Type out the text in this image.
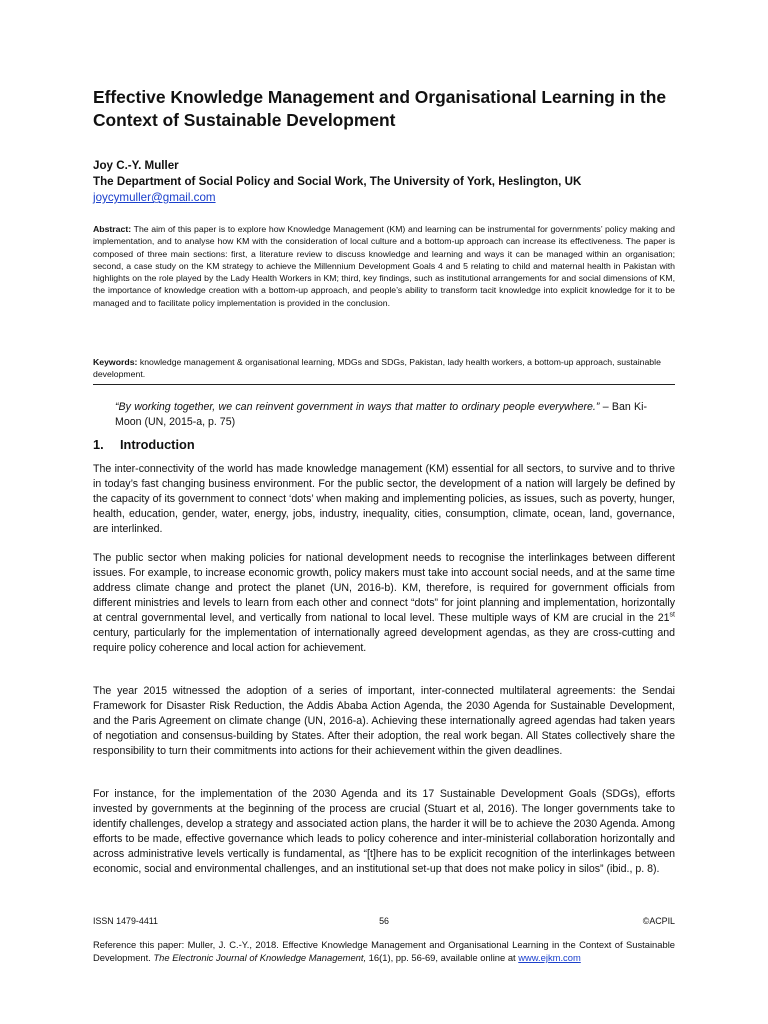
Effective Knowledge Management and Organisational Learning in the Context of Sustainable Development
Joy C.-Y. Muller
The Department of Social Policy and Social Work, The University of York, Heslington, UK
joycymuller@gmail.com

Abstract: The aim of this paper is to explore how Knowledge Management (KM) and learning can be instrumental for governments’ policy making and implementation, and to analyse how KM with the consideration of local culture and a bottom-up approach can increase its effectiveness. The paper is composed of three main sections: first, a literature review to discuss knowledge and learning and ways it can be managed within an organisation; second, a case study on the KM strategy to achieve the Millennium Development Goals 4 and 5 relating to child and maternal health in Pakistan with highlights on the role played by the Lady Health Workers in KM; third, key findings, such as institutional arrangements for and social dimensions of KM, the importance of knowledge creation with a bottom-up approach, and people’s ability to transform tacit knowledge into explicit knowledge for it to be managed and to facilitate policy implementation is provided in the conclusion.

Keywords: knowledge management & organisational learning, MDGs and SDGs, Pakistan, lady health workers, a bottom-up approach, sustainable development.

“By working together, we can reinvent government in ways that matter to ordinary people everywhere.” – Ban Ki-Moon (UN, 2015-a, p. 75)

1. Introduction

The inter-connectivity of the world has made knowledge management (KM) essential for all sectors, to survive and to thrive in today’s fast changing business environment. For the public sector, the development of a nation will largely be defined by the capacity of its government to connect ‘dots’ when making and implementing policies, as issues, such as poverty, hunger, health, education, gender, water, energy, jobs, industry, inequality, cities, consumption, climate, ocean, land, governance, are interlinked.

The public sector when making policies for national development needs to recognise the interlinkages between different issues. For example, to increase economic growth, policy makers must take into account social needs, and at the same time address climate change and protect the planet (UN, 2016-b). KM, therefore, is required for government officials from different ministries and levels to learn from each other and connect “dots” for joint planning and implementation, horizontally at central governmental level, and vertically from national to local level. These multiple ways of KM are crucial in the 21st century, particularly for the implementation of internationally agreed development agendas, as they are cross-cutting and require policy coherence and local action for achievement.

The year 2015 witnessed the adoption of a series of important, inter-connected multilateral agreements: the Sendai Framework for Disaster Risk Reduction, the Addis Ababa Action Agenda, the 2030 Agenda for Sustainable Development, and the Paris Agreement on climate change (UN, 2016-a). Achieving these internationally agreed agendas had taken years of negotiation and consensus-building by States. After their adoption, the real work began. All States collectively share the responsibility to turn their commitments into actions for their achievement within the given deadlines.

For instance, for the implementation of the 2030 Agenda and its 17 Sustainable Development Goals (SDGs), efforts invested by governments at the beginning of the process are crucial (Stuart et al, 2016). The longer governments take to identify challenges, develop a strategy and associated action plans, the harder it will be to achieve the 2030 Agenda. Among efforts to be made, effective governance which leads to policy coherence and inter-ministerial collaboration horizontally and across administrative levels vertically is fundamental, as “[t]here has to be explicit recognition of the interlinkages between economic, social and environmental challenges, and an institutional set-up that does not make policy in silos” (ibid., p. 8).

ISSN 1479-4411	56	©ACPIL

Reference this paper: Muller, J. C.-Y., 2018. Effective Knowledge Management and Organisational Learning in the Context of Sustainable Development. The Electronic Journal of Knowledge Management, 16(1), pp. 56-69, available online at www.ejkm.com
